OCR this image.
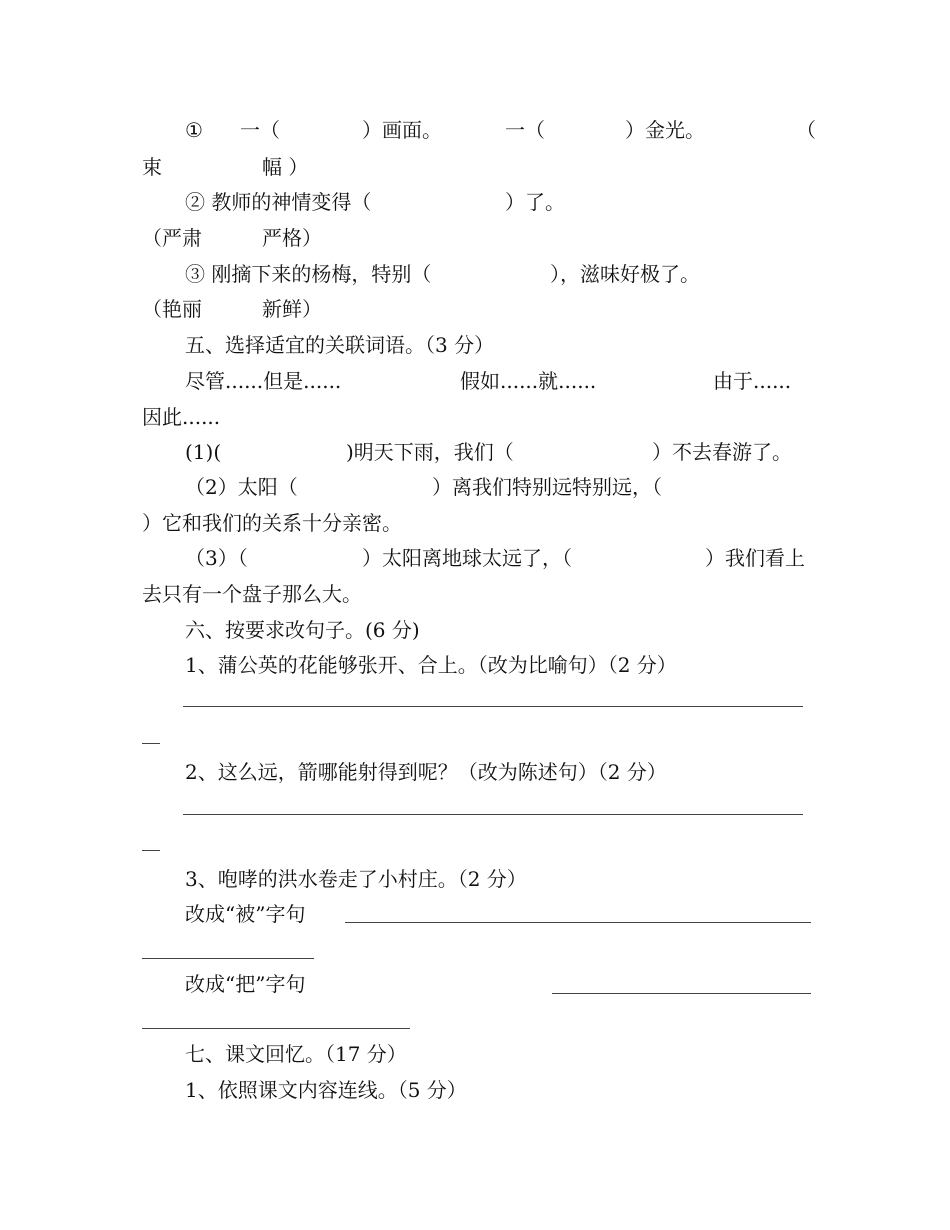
① 一（	）画面。	一（	）金光。	（
束	幅 ）
② 教师的神情变得（	）了。
（严肃	严格）
③ 刚摘下来的杨梅，特别（	），滋味好极了。
（艳丽	新鲜）
五、选择适宜的关联词语。（3 分）
尽管......但是......	假如......就......	由于......
因此......
(1)(	)明天下雨，我们（	）不去春游了。
（2）太阳（	）离我们特别远特别远，（
）它和我们的关系十分亲密。
（3）（	）太阳离地球太远了，（	）我们看上
去只有一个盘子那么大。
六、按要求改句子。(6 分)
1、蒲公英的花能够张开、合上。（改为比喻句）（2 分）
2、这么远，箭哪能射得到呢？（改为陈述句）（2 分）
3、咆哮的洪水卷走了小村庄。（2 分）
改成“被”字句
改成“把”字句
七、课文回忆。（17 分）
1、依照课文内容连线。（5 分）
